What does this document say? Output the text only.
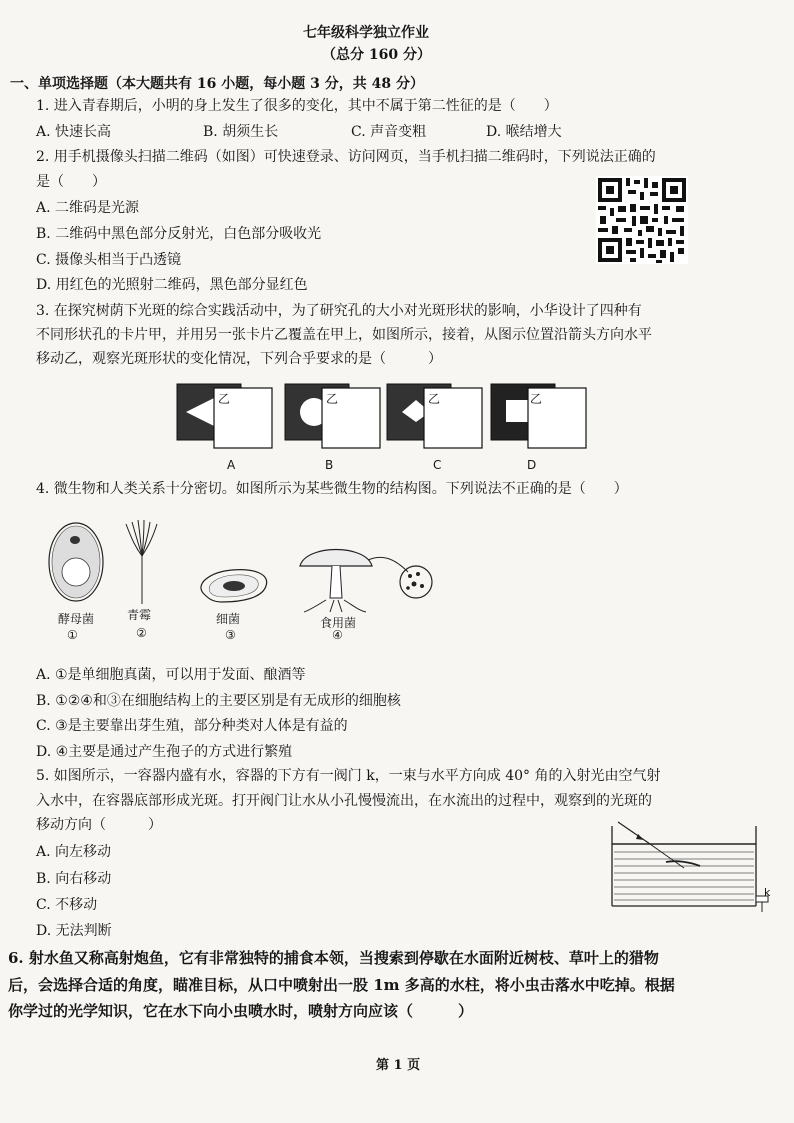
七年级科学独立作业
（总分 160 分）
一、单项选择题（本大题共有 16 小题，每小题 3 分，共 48 分）
1. 进入青春期后，小明的身上发生了很多的变化，其中不属于第二性征的是（　　）
A. 快速长高	B. 胡须生长	C. 声音变粗	D. 喉结增大
2. 用手机摄像头扫描二维码（如图）可快速登录、访问网页，当手机扫描二维码时，下列说法正确的
是（　　）
A. 二维码是光源
B. 二维码中黑色部分反射光，白色部分吸收光
C. 摄像头相当于凸透镜
D. 用红色的光照射二维码，黑色部分显红色
3. 在探究树荫下光斑的综合实践活动中，为了研究孔的大小对光斑形状的影响，小华设计了四种有
不同形状孔的卡片甲，并用另一张卡片乙覆盖在甲上，如图所示，接着，从图示位置沿箭头方向水平
移动乙，观察光斑形状的变化情况，下列合乎要求的是（　　　）
乙	乙	乙	乙
A	B	C	D
4. 微生物和人类关系十分密切。如图所示为某些微生物的结构图。下列说法不正确的是（　　）
酵母菌
①
青霉
②
细菌
③
食用菌
④
A. ①是单细胞真菌，可以用于发面、酿酒等
B. ①②④和③在细胞结构上的主要区别是有无成形的细胞核
C. ③是主要靠出芽生殖，部分种类对人体是有益的
D. ④主要是通过产生孢子的方式进行繁殖
5. 如图所示，一容器内盛有水，容器的下方有一阀门 k，一束与水平方向成 40° 角的入射光由空气射
入水中，在容器底部形成光斑。打开阀门让水从小孔慢慢流出，在水流出的过程中，观察到的光斑的
移动方向（　　　）
A. 向左移动
B. 向右移动
C. 不移动
D. 无法判断
k
6. 射水鱼又称高射炮鱼，它有非常独特的捕食本领，当搜索到停歇在水面附近树枝、草叶上的猎物
后，会选择合适的角度，瞄准目标，从口中喷射出一股 1m 多高的水柱，将小虫击落水中吃掉。根据
你学过的光学知识，它在水下向小虫喷水时，喷射方向应该（　　　）
第 1 页
